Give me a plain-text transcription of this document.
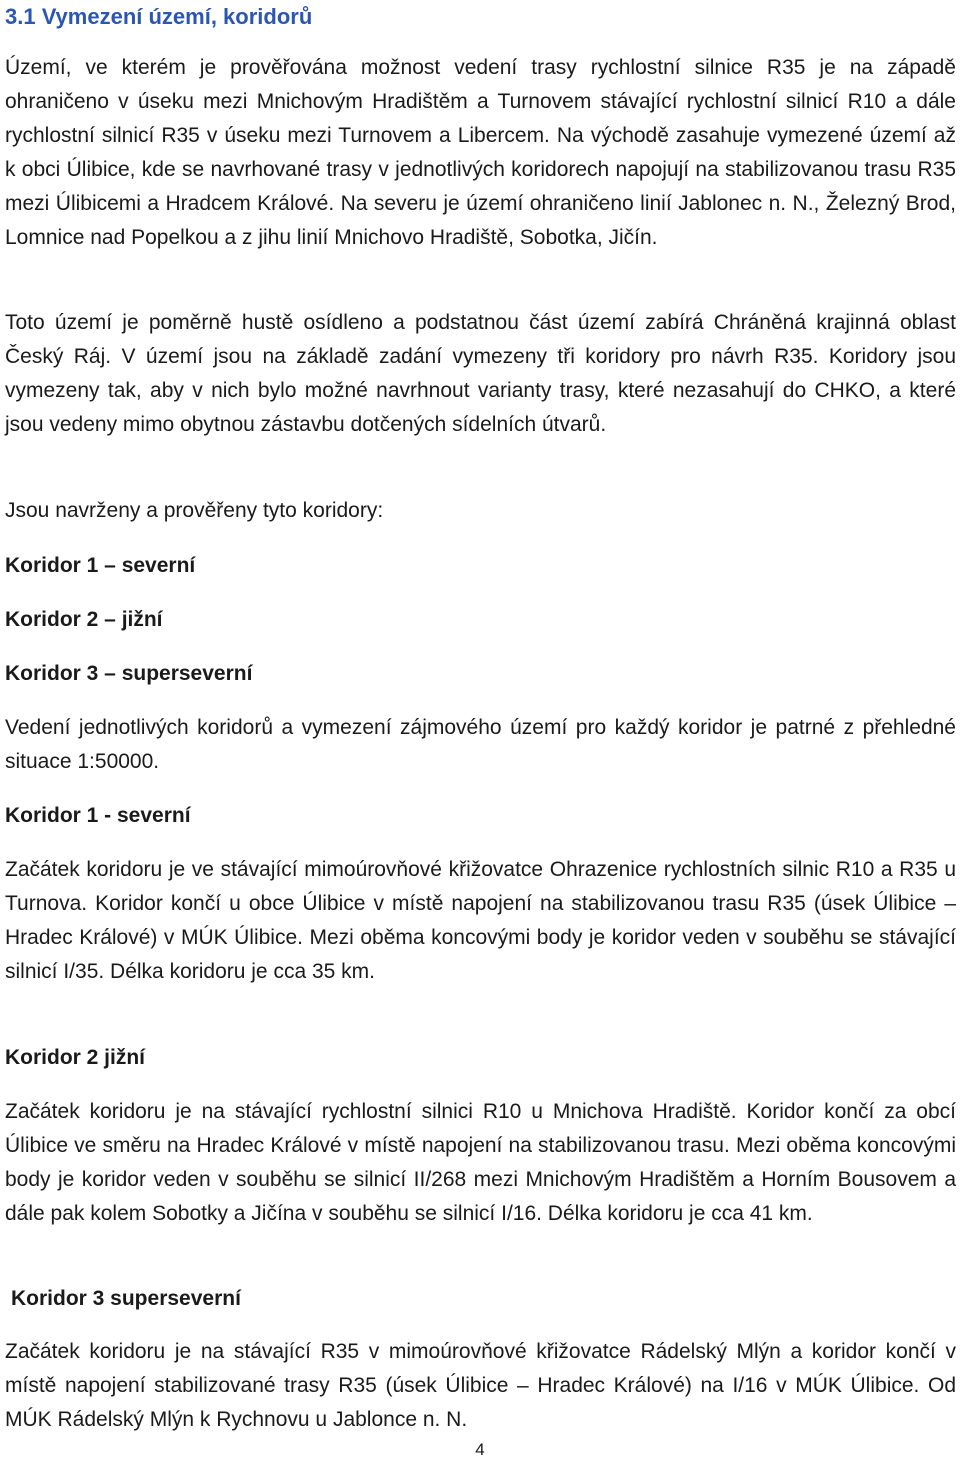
3.1 Vymezení území, koridorů

Území, ve kterém je prověřována možnost vedení trasy rychlostní silnice R35 je na západě ohraničeno v úseku mezi Mnichovým Hradištěm a Turnovem stávající rychlostní silnicí R10 a dále rychlostní silnicí R35 v úseku mezi Turnovem a Libercem. Na východě zasahuje vymezené území až k obci Úlibice, kde se navrhované trasy v jednotlivých koridorech napojují na stabilizovanou trasu R35 mezi Úlibicemi a Hradcem Králové. Na severu je území ohraničeno linií Jablonec n. N., Železný Brod, Lomnice nad Popelkou a z jihu linií Mnichovo Hradiště, Sobotka, Jičín.

Toto území je poměrně hustě osídleno a podstatnou část území zabírá Chráněná krajinná oblast Český Ráj. V území jsou na základě zadání vymezeny tři koridory pro návrh R35. Koridory jsou vymezeny tak, aby v nich bylo možné navrhnout varianty trasy, které nezasahují do CHKO, a které jsou vedeny mimo obytnou zástavbu dotčených sídelních útvarů.

Jsou navrženy a prověřeny tyto koridory:

Koridor 1 – severní
Koridor 2 – jižní
Koridor 3 – superseverní

Vedení jednotlivých koridorů a vymezení zájmového území pro každý koridor je patrné z přehledné situace 1:50000.

Koridor 1 - severní

Začátek koridoru je ve stávající mimoúrovňové křižovatce Ohrazenice rychlostních silnic R10 a R35 u Turnova. Koridor končí u obce Úlibice v místě napojení na stabilizovanou trasu R35 (úsek Úlibice – Hradec Králové) v MÚK Úlibice. Mezi oběma koncovými body je koridor veden v souběhu se stávající silnicí I/35. Délka koridoru je cca 35 km.

Koridor 2 jižní

Začátek koridoru je na stávající rychlostní silnici R10 u Mnichova Hradiště. Koridor končí za obcí Úlibice ve směru na Hradec Králové v místě napojení na stabilizovanou trasu. Mezi oběma koncovými body je koridor veden v souběhu se silnicí II/268 mezi Mnichovým Hradištěm a Horním Bousovem a dále pak kolem Sobotky a Jičína v souběhu se silnicí I/16. Délka koridoru je cca 41 km.

Koridor 3 superseverní

Začátek koridoru je na stávající R35 v mimoúrovňové křižovatce Rádelský Mlýn a koridor končí v místě napojení stabilizované trasy R35 (úsek Úlibice – Hradec Králové) na I/16 v MÚK Úlibice. Od MÚK Rádelský Mlýn k Rychnovu u Jablonce n. N.

4
